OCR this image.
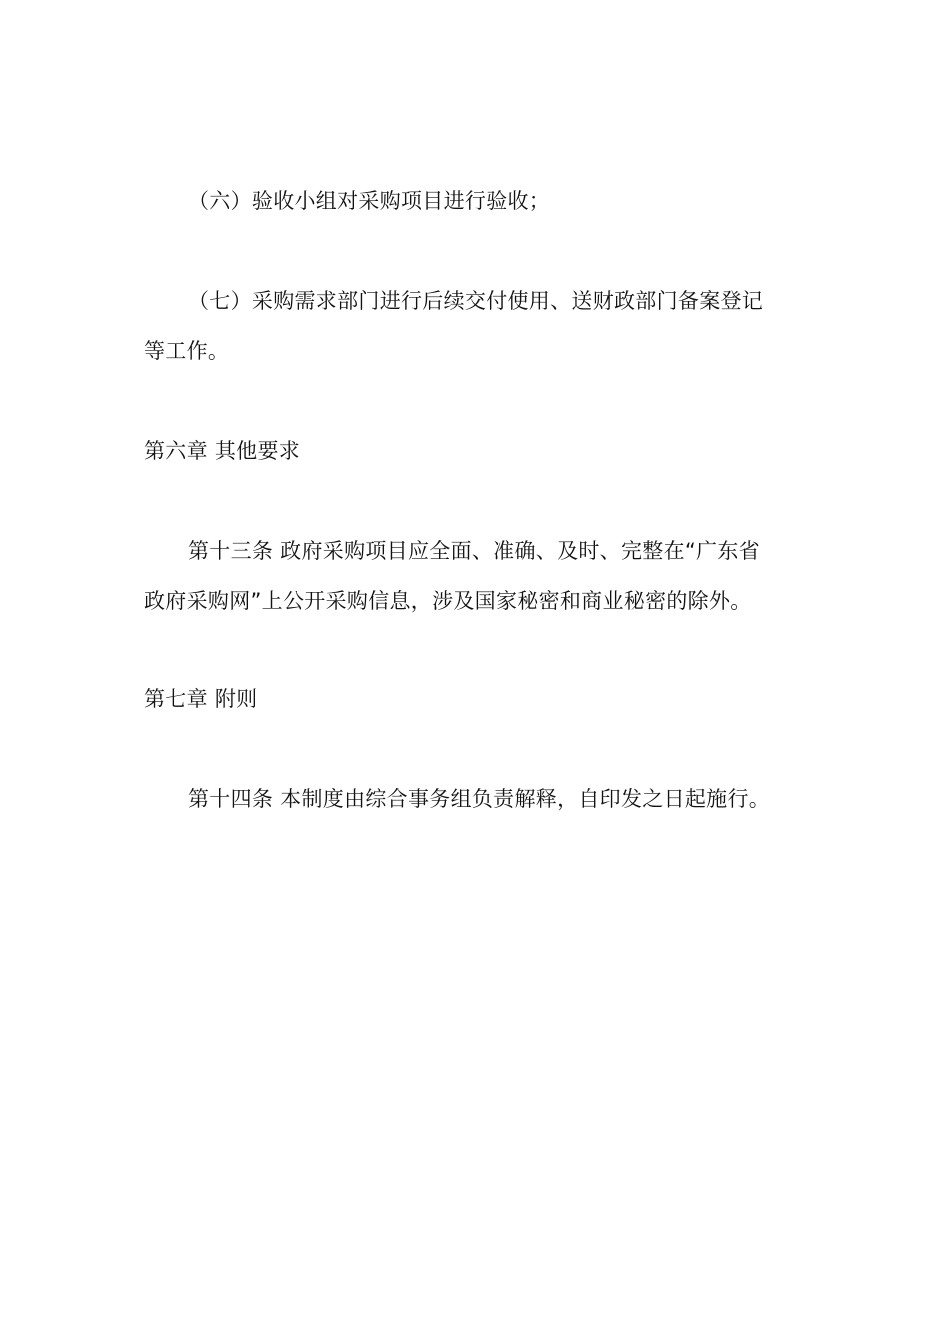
（六）验收小组对采购项目进行验收；
（七）采购需求部门进行后续交付使用、送财政部门备案登记
等工作。
第六章 其他要求
第十三条 政府采购项目应全面、准确、及时、完整在“广东省
政府采购网”上公开采购信息，涉及国家秘密和商业秘密的除外。
第七章 附则
第十四条 本制度由综合事务组负责解释，自印发之日起施行。
